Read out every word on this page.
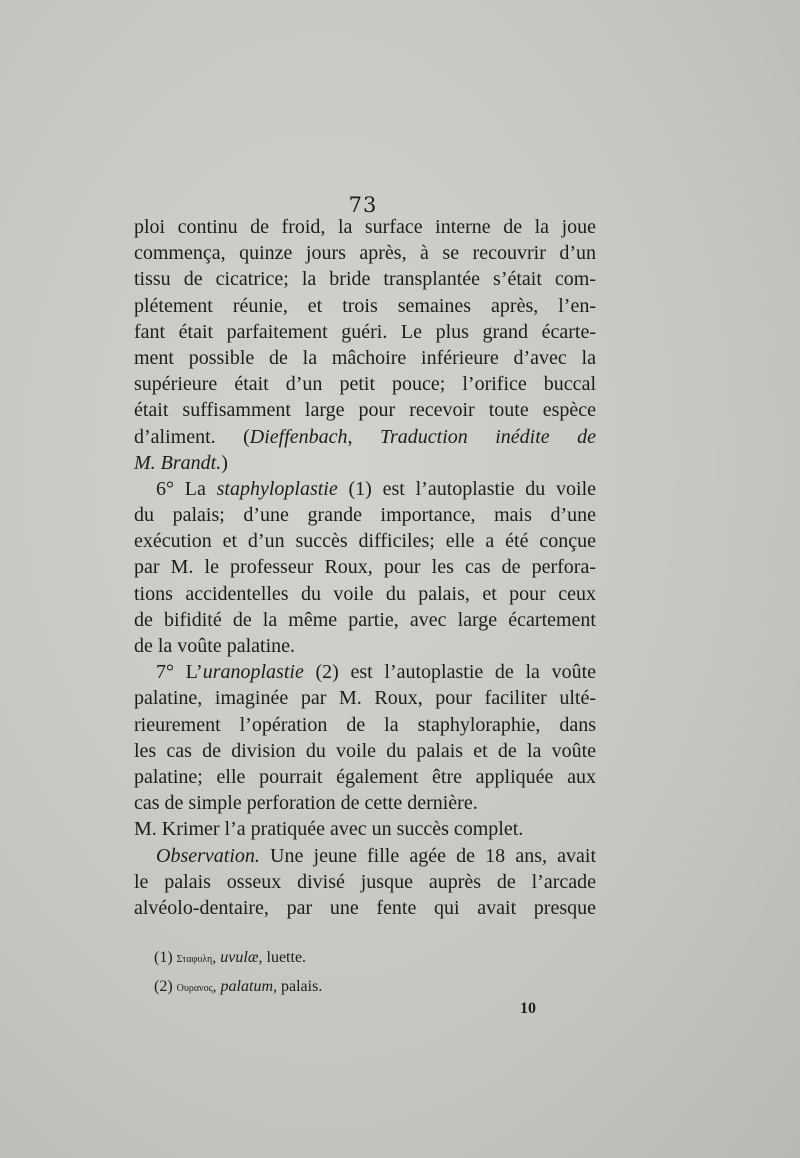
73
ploi continu de froid, la surface interne de la joue
commença, quinze jours après, à se recouvrir d’un
tissu de cicatrice; la bride transplantée s’était com-
plétement réunie, et trois semaines après, l’en-
fant était parfaitement guéri. Le plus grand écarte-
ment possible de la mâchoire inférieure d’avec la
supérieure était d’un petit pouce; l’orifice buccal
était suffisamment large pour recevoir toute espèce
d’aliment. (Dieffenbach, Traduction inédite de
M. Brandt.)
6° La staphyloplastie (1) est l’autoplastie du voile
du palais; d’une grande importance, mais d’une
exécution et d’un succès difficiles; elle a été conçue
par M. le professeur Roux, pour les cas de perfora-
tions accidentelles du voile du palais, et pour ceux
de bifidité de la même partie, avec large écartement
de la voûte palatine.
7° L’uranoplastie (2) est l’autoplastie de la voûte
palatine, imaginée par M. Roux, pour faciliter ulté-
rieurement l’opération de la staphyloraphie, dans
les cas de division du voile du palais et de la voûte
palatine; elle pourrait également être appliquée aux
cas de simple perforation de cette dernière.
M. Krimer l’a pratiquée avec un succès complet.
Observation. Une jeune fille agée de 18 ans, avait
le palais osseux divisé jusque auprès de l’arcade
alvéolo-dentaire, par une fente qui avait presque
(1) Σταφυλη, uvulæ, luette.
(2) Ουρανος, palatum, palais.
10
